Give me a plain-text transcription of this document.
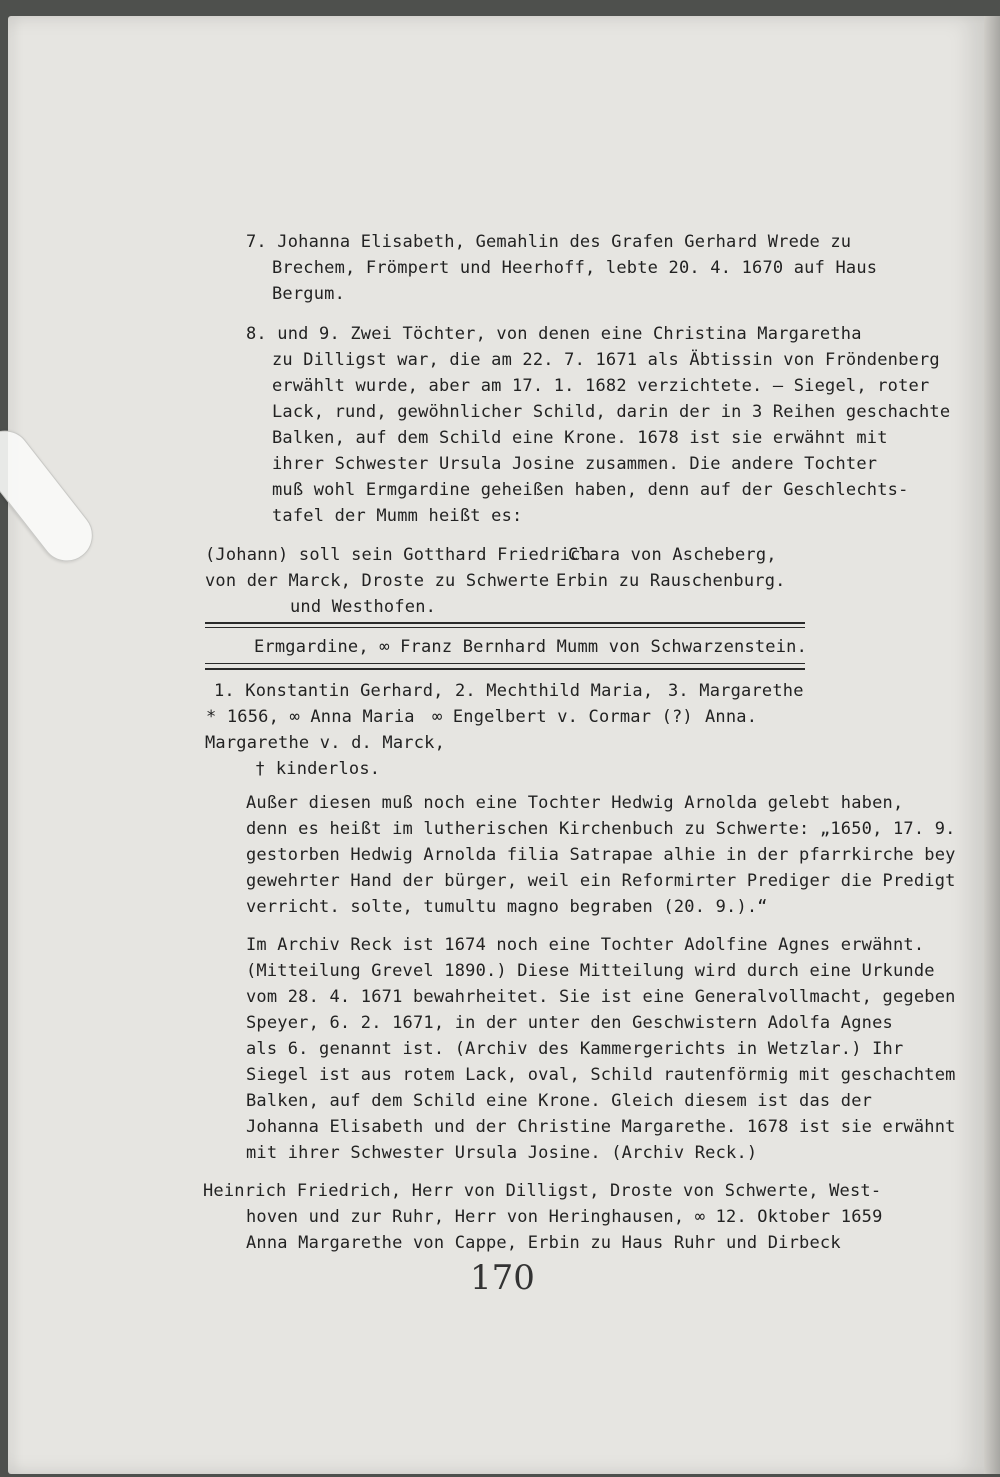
7. Johanna Elisabeth, Gemahlin des Grafen Gerhard Wrede zu
Brechem, Frömpert und Heerhoff, lebte 20. 4. 1670 auf Haus
Bergum.
8. und 9. Zwei Töchter, von denen eine Christina Margaretha
zu Dilligst war, die am 22. 7. 1671 als Äbtissin von Fröndenberg
erwählt wurde, aber am 17. 1. 1682 verzichtete. — Siegel, roter
Lack, rund, gewöhnlicher Schild, darin der in 3 Reihen geschachte
Balken, auf dem Schild eine Krone. 1678 ist sie erwähnt mit
ihrer Schwester Ursula Josine zusammen. Die andere Tochter
muß wohl Ermgardine geheißen haben, denn auf der Geschlechts-
tafel der Mumm heißt es:
(Johann) soll sein Gotthard Friedrich
von der Marck, Droste zu Schwerte
und Westhofen.
Clara von Ascheberg,
Erbin zu Rauschenburg.
Ermgardine, ∞ Franz Bernhard Mumm von Schwarzenstein.
1. Konstantin Gerhard,
* 1656, ∞ Anna Maria
Margarethe v. d. Marck,
† kinderlos.
2. Mechthild Maria,
∞ Engelbert v. Cormar (?)
3. Margarethe
Anna.
Außer diesen muß noch eine Tochter Hedwig Arnolda gelebt haben,
denn es heißt im lutherischen Kirchenbuch zu Schwerte: „1650, 17. 9.
gestorben Hedwig Arnolda filia Satrapae alhie in der pfarrkirche bey
gewehrter Hand der bürger, weil ein Reformirter Prediger die Predigt
verricht. solte, tumultu magno begraben (20. 9.).“
Im Archiv Reck ist 1674 noch eine Tochter Adolfine Agnes erwähnt.
(Mitteilung Grevel 1890.) Diese Mitteilung wird durch eine Urkunde
vom 28. 4. 1671 bewahrheitet. Sie ist eine Generalvollmacht, gegeben
Speyer, 6. 2. 1671, in der unter den Geschwistern Adolfa Agnes
als 6. genannt ist. (Archiv des Kammergerichts in Wetzlar.) Ihr
Siegel ist aus rotem Lack, oval, Schild rautenförmig mit geschachtem
Balken, auf dem Schild eine Krone. Gleich diesem ist das der
Johanna Elisabeth und der Christine Margarethe. 1678 ist sie erwähnt
mit ihrer Schwester Ursula Josine. (Archiv Reck.)
Heinrich Friedrich, Herr von Dilligst, Droste von Schwerte, West-
hoven und zur Ruhr, Herr von Heringhausen, ∞ 12. Oktober 1659
Anna Margarethe von Cappe, Erbin zu Haus Ruhr und Dirbeck
170
